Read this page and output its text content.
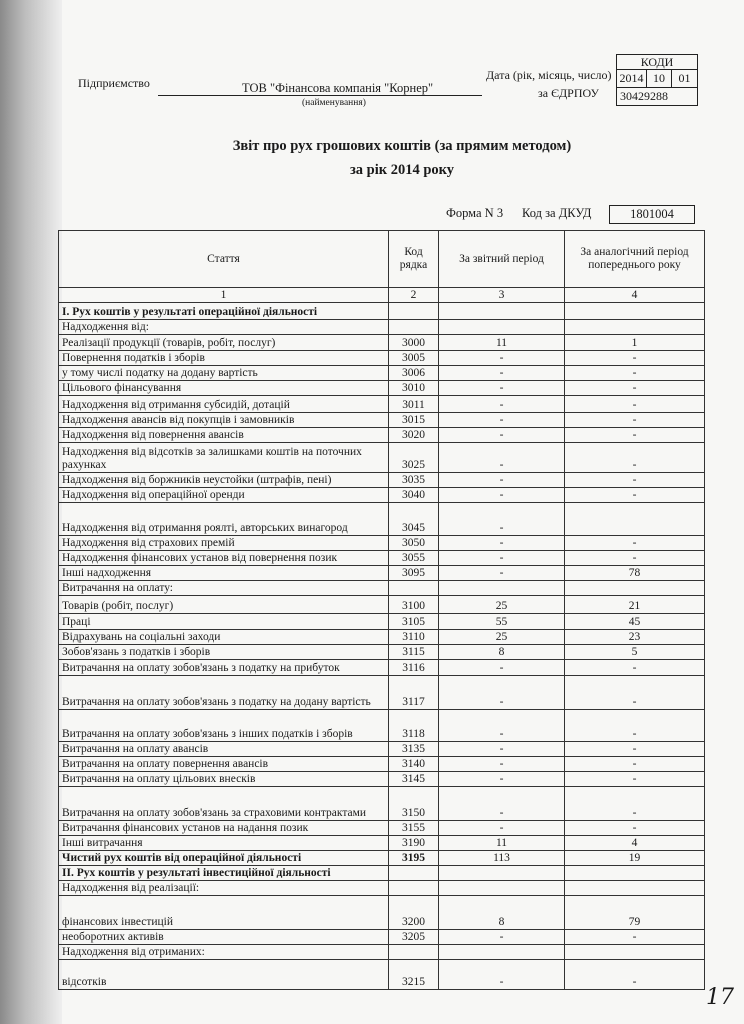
Підприємство	ТОВ "Фінансова компанія "Корнер"
(найменування)
Дата (рік, місяць, число)
за ЄДРПОУ
КОДИ
2014 10	01
30429288
Звіт про рух грошових коштів (за прямим методом)
за рік 2014 року
Форма N 3 Код за ДКУД	1801004
Стаття	Код рядка	За звітний період	За аналогічний період попереднього року
1	2	3	4
I. Рух коштів у результаті операційної діяльності			
Надходження від:			
Реалізації продукції (товарів, робіт, послуг)	3000	11	1
Повернення податків і зборів	3005	-	-
у тому числі податку на додану вартість	3006	-	-
Цільового фінансування	3010	-	-
Надходження від отримання субсидій, дотацій	3011	-	-
Надходження авансів від покупців і замовників	3015	-	-
Надходження від повернення авансів	3020	-	-
Надходження від відсотків за залишками коштів на поточних рахунках	3025	-	-
Надходження від боржників неустойки (штрафів, пені)	3035	-	-
Надходження від операційної оренди	3040	-	-
Надходження від отримання роялті, авторських винагород	3045	-	
Надходження від страхових премій	3050	-	-
Надходження фінансових установ від повернення позик	3055	-	-
Інші надходження	3095	-	78
Витрачання на оплату:			
Товарів (робіт, послуг)	3100	25	21
Праці	3105	55	45
Відрахувань на соціальні заходи	3110	25	23
Зобов'язань з податків і зборів	3115	8	5
Витрачання на оплату зобов'язань з податку на прибуток	3116	-	-
Витрачання на оплату зобов'язань з податку на додану вартість	3117	-	-
Витрачання на оплату зобов'язань з інших податків і зборів	3118	-	-
Витрачання на оплату авансів	3135	-	-
Витрачання на оплату повернення авансів	3140	-	-
Витрачання на оплату цільових внесків	3145	-	-
Витрачання на оплату зобов'язань за страховими контрактами	3150	-	-
Витрачання фінансових установ на надання позик	3155	-	-
Інші витрачання	3190	11	4
Чистий рух коштів від операційної діяльності	3195	113	19
II. Рух коштів у результаті інвестиційної діяльності			
Надходження від реалізації:			
фінансових інвестицій	3200	8	79
необоротних активів	3205	-	-
Надходження від отриманих:			
відсотків	3215	-	-
17
